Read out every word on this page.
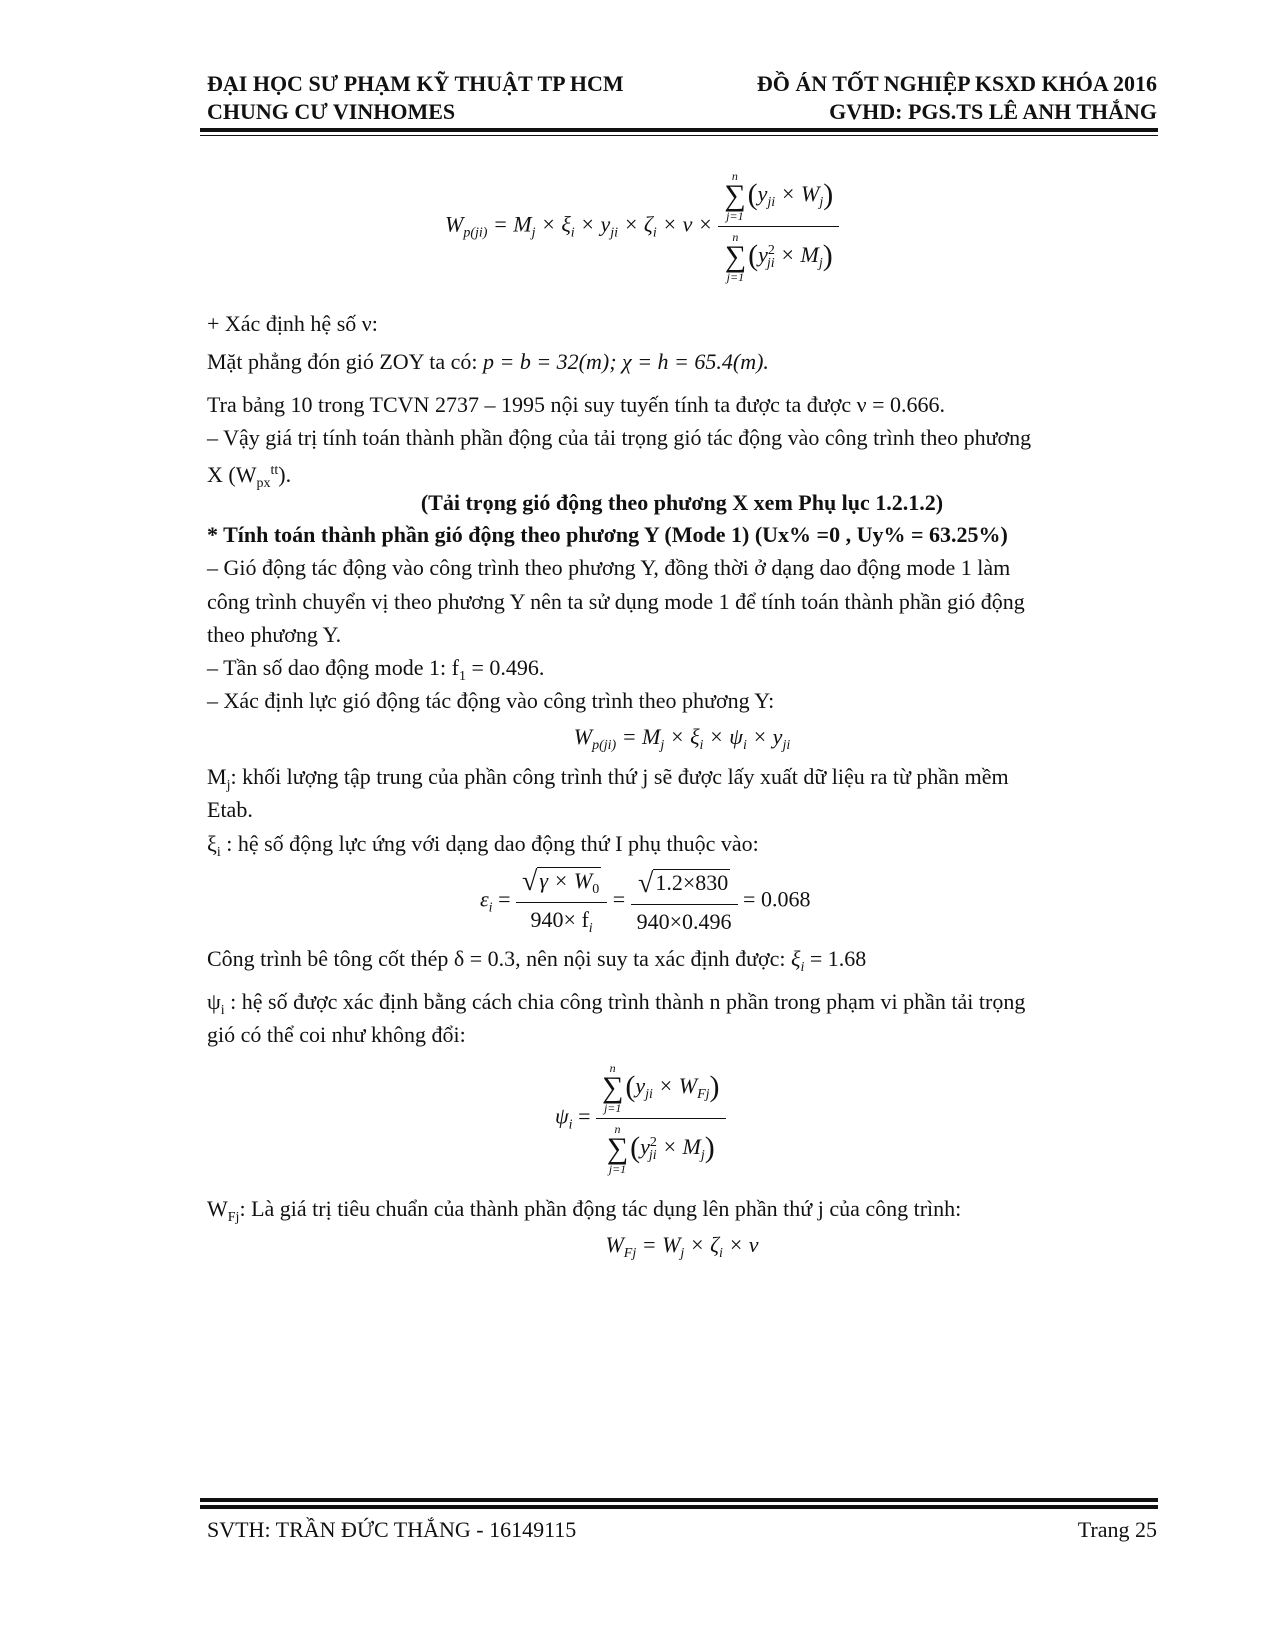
ĐẠI HỌC SƯ PHẠM KỸ THUẬT TP HCM
CHUNG CƯ VINHOMES
ĐỒ ÁN TỐT NGHIỆP KSXD KHÓA 2016
GVHD: PGS.TS LÊ ANH THẮNG
$W_{p(ji)} = M_j \times \xi_i \times y_{ji} \times \zeta_i \times \nu \times n$
∑
$j=1(y_{ji} \times W_j)$
n
∑
$j=1(y^2_{ji} \times M_j)$
+ Xác định hệ số ν:
Mặt phẳng đón gió ZOY ta có: p = b = 32(m); χ = h = 65.4(m).
Tra bảng 10 trong TCVN 2737 – 1995 nội suy tuyến tính ta được ta được ν = 0.666.
– Vậy giá trị tính toán thành phần động của tải trọng gió tác động vào công trình theo phương
X $(W_{px}^{tt})$.
(Tải trọng gió động theo phương X xem Phụ lục 1.2.1.2)
* Tính toán thành phần gió động theo phương Y (Mode 1) (Ux% =0 , Uy% = 63.25%)
– Gió động tác động vào công trình theo phương Y, đồng thời ở dạng dao động mode 1 làm
công trình chuyển vị theo phương Y nên ta sử dụng mode 1 để tính toán thành phần gió động
theo phương Y.
– Tần số dao động mode 1: $f_1 = 0.496$.
– Xác định lực gió động tác động vào công trình theo phương Y:
$W_{p(ji)} = M_j \times \xi_i \times \psi_i \times y_{ji}$
$M_j$: khối lượng tập trung của phần công trình thứ j sẽ được lấy xuất dữ liệu ra từ phần mềm
Etab.
$\xi_i$ : hệ số động lực ứng với dạng dao động thứ I phụ thuộc vào:
$\varepsilon_i = \frac{√\gamma \times W_0}{940\times f_i} = \frac{√1.2\times 830}{940\times 0.496} = 0.068$
Công trình bê tông cốt thép δ = 0.3, nên nội suy ta xác định được: $\xi_i = 1.68$
$\psi_i$ : hệ số được xác định bằng cách chia công trình thành n phần trong phạm vi phần tải trọng
gió có thể coi như không đổi:
$\psi_i = n$
∑
$j=1(y_{ji} \times W_{Fj})$
n
∑
$j=1(y^2_{ji} \times M_j)$
$W_{Fj}$: Là giá trị tiêu chuẩn của thành phần động tác dụng lên phần thứ j của công trình:
$W_{Fj} = W_j \times \zeta_i \times \nu$
SVTH: TRẦN ĐỨC THẮNG - 16149115	Trang 25
